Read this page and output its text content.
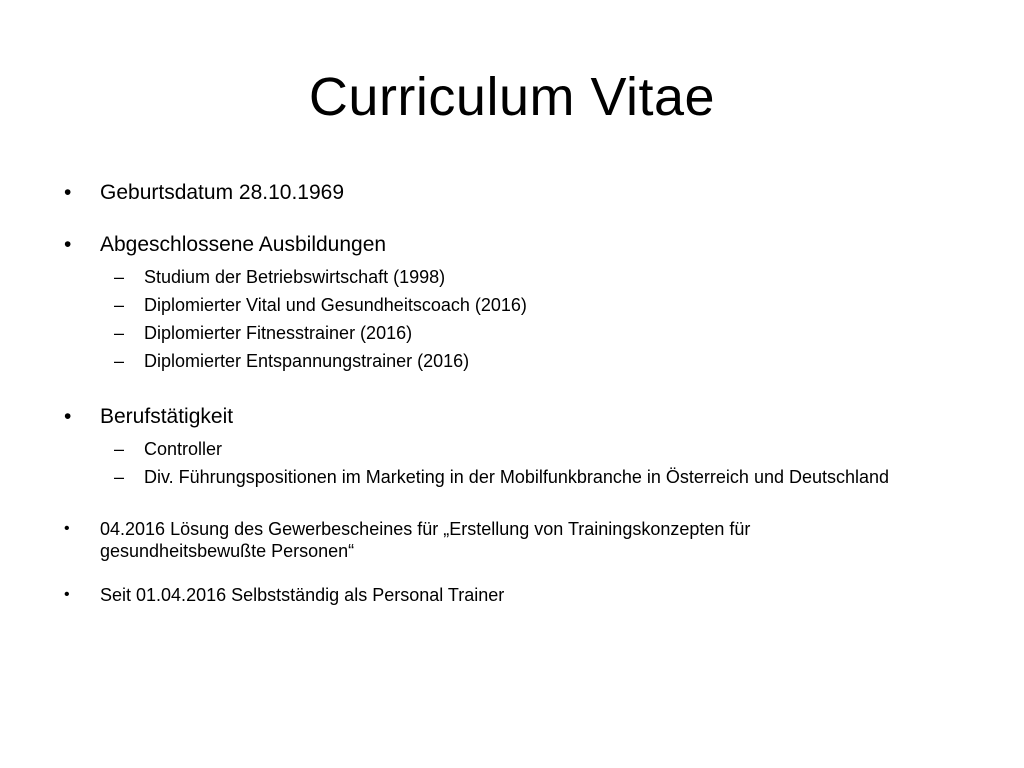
Curriculum Vitae
•	Geburtsdatum 28.10.1969
•	Abgeschlossene Ausbildungen
–	Studium der Betriebswirtschaft (1998)
–	Diplomierter Vital und Gesundheitscoach (2016)
–	Diplomierter Fitnesstrainer (2016)
–	Diplomierter Entspannungstrainer (2016)
•	Berufstätigkeit
–	Controller
–	Div. Führungspositionen im Marketing in der Mobilfunkbranche in Österreich und Deutschland
•	04.2016 Lösung des Gewerbescheines für „Erstellung von Trainingskonzepten für gesundheitsbewußte Personen“
•	Seit 01.04.2016 Selbstständig als Personal Trainer
